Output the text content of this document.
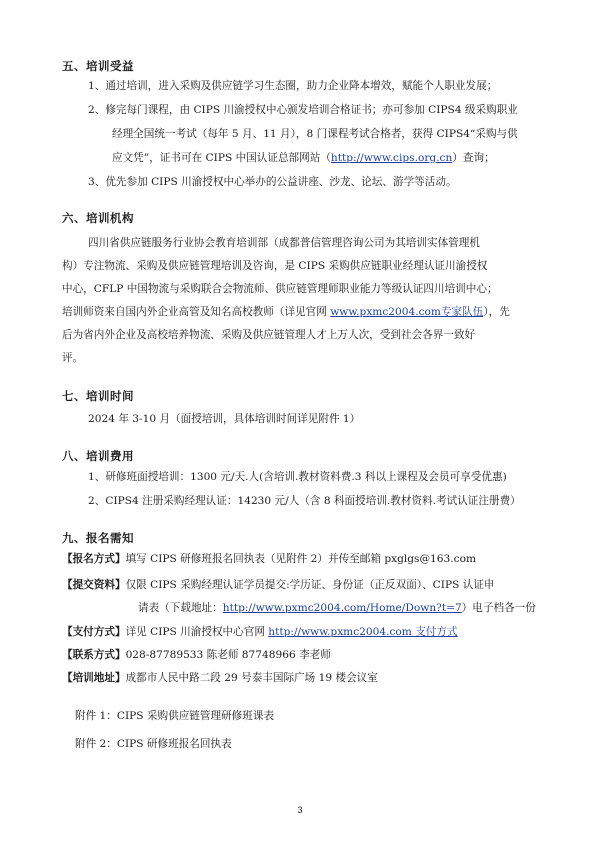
五、培训受益
1、通过培训，进入采购及供应链学习生态圈，助力企业降本增效，赋能个人职业发展；
2、修完每门课程，由 CIPS 川渝授权中心颁发培训合格证书；亦可参加 CIPS4 级采购职业
经理全国统一考试（每年 5 月、11 月），8 门课程考试合格者，获得 CIPS4“采购与供
应文凭”，证书可在 CIPS 中国认证总部网站（http://www.cips.org.cn）查询；
3、优先参加 CIPS 川渝授权中心举办的公益讲座、沙龙、论坛、游学等活动。
六、培训机构
四川省供应链服务行业协会教育培训部（成都普信管理咨询公司为其培训实体管理机
构）专注物流、采购及供应链管理培训及咨询，是 CIPS 采购供应链职业经理认证川渝授权
中心，CFLP 中国物流与采购联合会物流师、供应链管理师职业能力等级认证四川培训中心；
培训师资来自国内外企业高管及知名高校教师（详见官网 www.pxmc2004.com专家队伍），先
后为省内外企业及高校培养物流、采购及供应链管理人才上万人次，受到社会各界一致好
评。
七、培训时间
2024 年 3-10 月（面授培训，具体培训时间详见附件 1）
八、培训费用
1、研修班面授培训：1300 元/天.人(含培训.教材资料费.3 科以上课程及会员可享受优惠)
2、CIPS4 注册采购经理认证：14230 元/人（含 8 科面授培训.教材资料.考试认证注册费）
九、报名需知
【报名方式】填写 CIPS 研修班报名回执表（见附件 2）并传至邮箱 pxglgs@163.com
【提交资料】仅限 CIPS 采购经理认证学员提交:学历证、身份证（正反双面）、CIPS 认证申
请表（下载地址：http://www.pxmc2004.com/Home/Down?t=7）电子档各一份
【支付方式】详见 CIPS 川渝授权中心官网 http://www.pxmc2004.com 支付方式
【联系方式】028-87789533 陈老师 87748966 李老师
【培训地址】成都市人民中路二段 29 号泰丰国际广场 19 楼会议室
附件 1：CIPS 采购供应链管理研修班课表
附件 2：CIPS 研修班报名回执表
3
